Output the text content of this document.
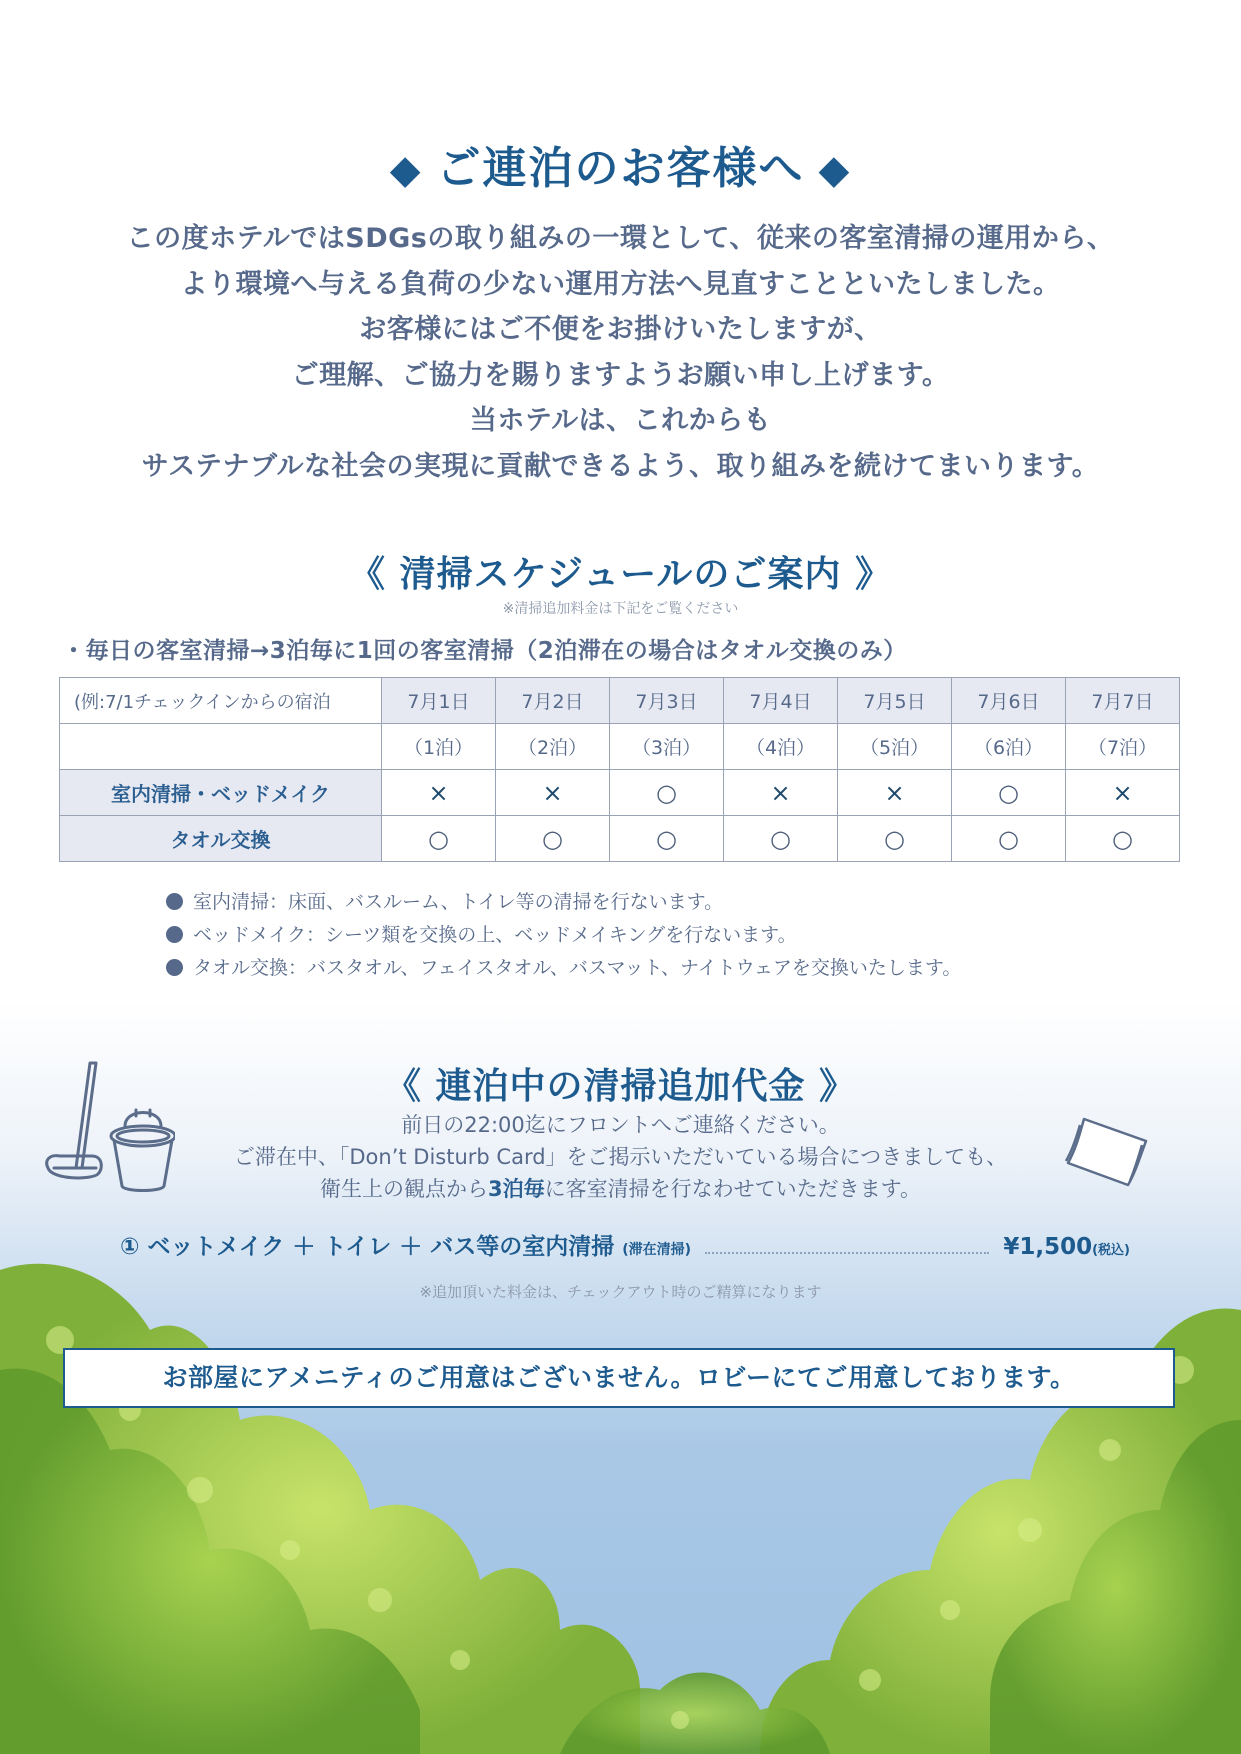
◆ ご連泊のお客様へ ◆
この度ホテルではSDGsの取り組みの一環として、従来の客室清掃の運用から、
より環境へ与える負荷の少ない運用方法へ見直すことといたしました。
お客様にはご不便をお掛けいたしますが、
ご理解、ご協力を賜りますようお願い申し上げます。
当ホテルは、これからも
サステナブルな社会の実現に貢献できるよう、取り組みを続けてまいります。
《 清掃スケジュールのご案内 》
※清掃追加料金は下記をご覧ください
・毎日の客室清掃→3泊毎に1回の客室清掃（2泊滞在の場合はタオル交換のみ）
(例:7/1チェックインからの宿泊	7月1日	7月2日	7月3日	7月4日	7月5日	7月6日	7月7日
	（1泊）	（2泊）	（3泊）	（4泊）	（5泊）	（6泊）	（7泊）
室内清掃・ベッドメイク	×	×	○	×	×	○	×
タオル交換	○	○	○	○	○	○	○
室内清掃：床面、バスルーム、トイレ等の清掃を行ないます。
ベッドメイク：シーツ類を交換の上、ベッドメイキングを行ないます。
タオル交換：バスタオル、フェイスタオル、バスマット、ナイトウェアを交換いたします。
《 連泊中の清掃追加代金 》
前日の22:00迄にフロントへご連絡ください。
ご滞在中、「Don’t Disturb Card」をご掲示いただいている場合につきましても、
衛生上の観点から3泊毎に客室清掃を行なわせていただきます。
① ベットメイク ＋ トイレ ＋ バス等の室内清掃 (滞在清掃)	¥1,500 (税込)
※追加頂いた料金は、チェックアウト時のご精算になります
お部屋にアメニティのご用意はございません。ロビーにてご用意しております。
